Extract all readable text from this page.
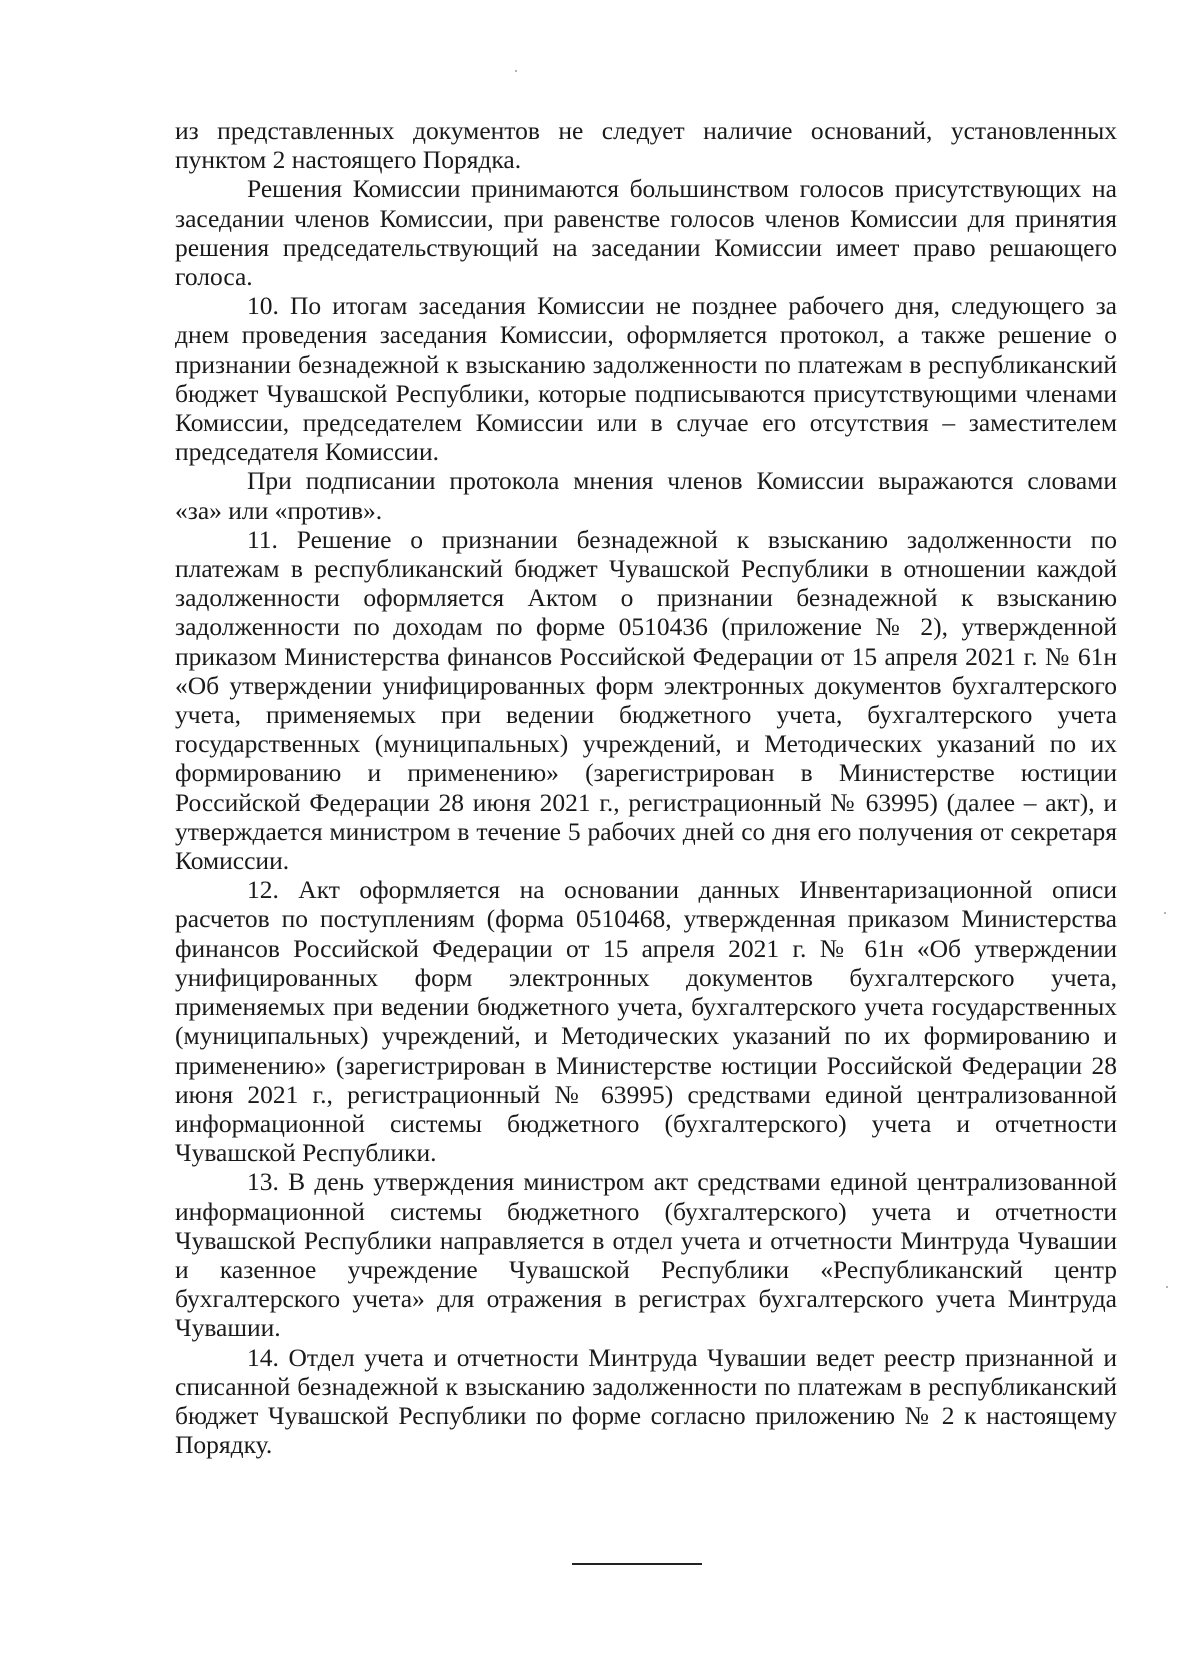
из представленных документов не следует наличие оснований, установленных пунктом 2 настоящего Порядка.

Решения Комиссии принимаются большинством голосов присутствующих на заседании членов Комиссии, при равенстве голосов членов Комиссии для принятия решения председательствующий на заседании Комиссии имеет право решающего голоса.

10. По итогам заседания Комиссии не позднее рабочего дня, следующего за днем проведения заседания Комиссии, оформляется протокол, а также решение о признании безнадежной к взысканию задолженности по платежам в республиканский бюджет Чувашской Республики, которые подписываются присутствующими членами Комиссии, председателем Комиссии или в случае его отсутствия – заместителем председателя Комиссии.

При подписании протокола мнения членов Комиссии выражаются словами «за» или «против».

11. Решение о признании безнадежной к взысканию задолженности по платежам в республиканский бюджет Чувашской Республики в отношении каждой задолженности оформляется Актом о признании безнадежной к взысканию задолженности по доходам по форме 0510436 (приложение № 2), утвержденной приказом Министерства финансов Российской Федерации от 15 апреля 2021 г. № 61н «Об утверждении унифицированных форм электронных документов бухгалтерского учета, применяемых при ведении бюджетного учета, бухгалтерского учета государственных (муниципальных) учреждений, и Методических указаний по их формированию и применению» (зарегистрирован в Министерстве юстиции Российской Федерации 28 июня 2021 г., регистрационный № 63995) (далее – акт), и утверждается министром в течение 5 рабочих дней со дня его получения от секретаря Комиссии.

12. Акт оформляется на основании данных Инвентаризационной описи расчетов по поступлениям (форма 0510468, утвержденная приказом Министерства финансов Российской Федерации от 15 апреля 2021 г. № 61н «Об утверждении унифицированных форм электронных документов бухгалтерского учета, применяемых при ведении бюджетного учета, бухгалтерского учета государственных (муниципальных) учреждений, и Методических указаний по их формированию и применению» (зарегистрирован в Министерстве юстиции Российской Федерации 28 июня 2021 г., регистрационный № 63995) средствами единой централизованной информационной системы бюджетного (бухгалтерского) учета и отчетности Чувашской Республики.

13. В день утверждения министром акт средствами единой централизованной информационной системы бюджетного (бухгалтерского) учета и отчетности Чувашской Республики направляется в отдел учета и отчетности Минтруда Чувашии и казенное учреждение Чувашской Республики «Республиканский центр бухгалтерского учета» для отражения в регистрах бухгалтерского учета Минтруда Чувашии.

14. Отдел учета и отчетности Минтруда Чувашии ведет реестр признанной и списанной безнадежной к взысканию задолженности по платежам в республиканский бюджет Чувашской Республики по форме согласно приложению № 2 к настоящему Порядку.
